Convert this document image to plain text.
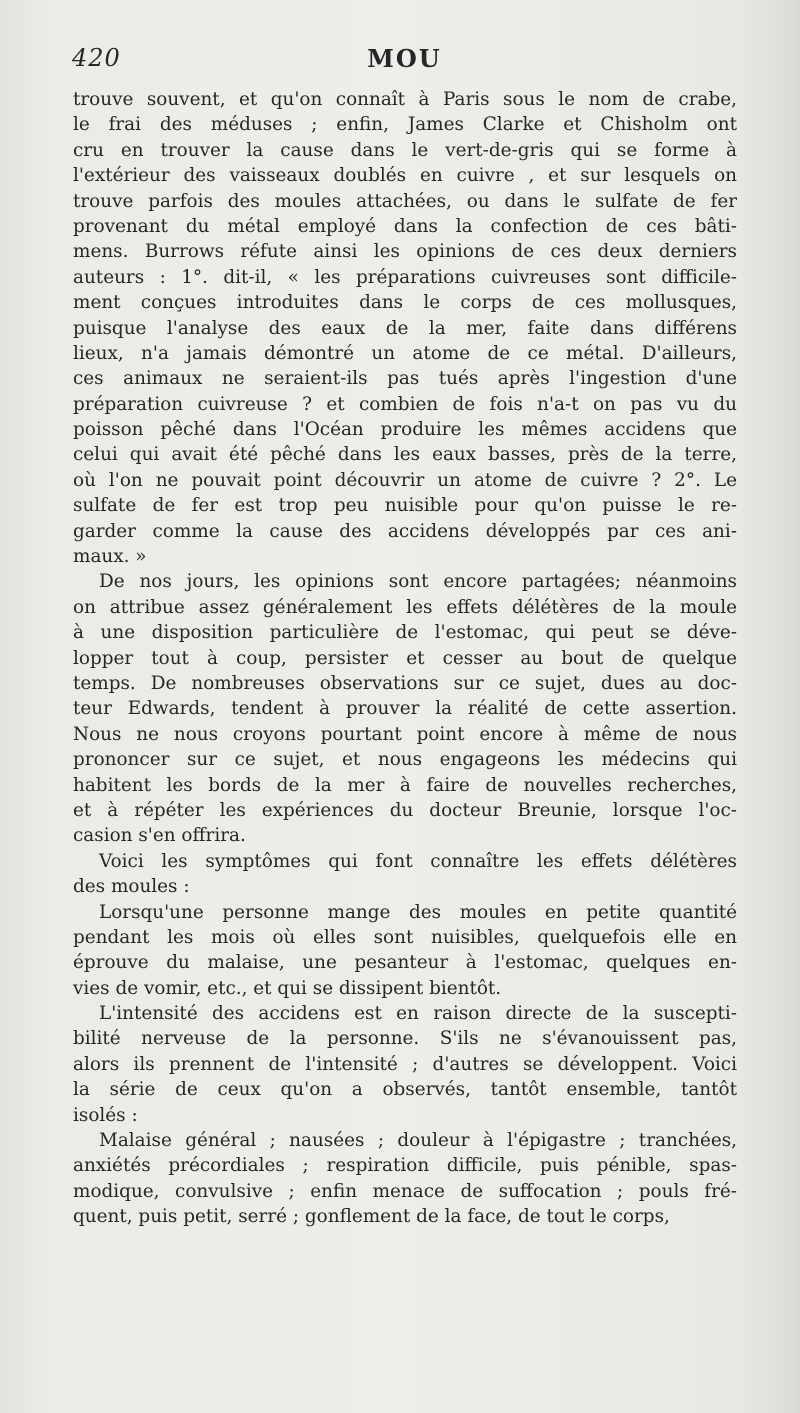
420	MOU
trouve souvent, et qu'on connaît à Paris sous le nom de crabe,
le frai des méduses ; enfin, James Clarke et Chisholm ont
cru en trouver la cause dans le vert-de-gris qui se forme à
l'extérieur des vaisseaux doublés en cuivre , et sur lesquels on
trouve parfois des moules attachées, ou dans le sulfate de fer
provenant du métal employé dans la confection de ces bâti-
mens. Burrows réfute ainsi les opinions de ces deux derniers
auteurs : 1°. dit-il, « les préparations cuivreuses sont difficile-
ment conçues introduites dans le corps de ces mollusques,
puisque l'analyse des eaux de la mer, faite dans différens
lieux, n'a jamais démontré un atome de ce métal. D'ailleurs,
ces animaux ne seraient-ils pas tués après l'ingestion d'une
préparation cuivreuse ? et combien de fois n'a-t on pas vu du
poisson pêché dans l'Océan produire les mêmes accidens que
celui qui avait été pêché dans les eaux basses, près de la terre,
où l'on ne pouvait point découvrir un atome de cuivre ? 2°. Le
sulfate de fer est trop peu nuisible pour qu'on puisse le re-
garder comme la cause des accidens développés par ces ani-
maux. »
De nos jours, les opinions sont encore partagées; néanmoins
on attribue assez généralement les effets délétères de la moule
à une disposition particulière de l'estomac, qui peut se déve-
lopper tout à coup, persister et cesser au bout de quelque
temps. De nombreuses observations sur ce sujet, dues au doc-
teur Edwards, tendent à prouver la réalité de cette assertion.
Nous ne nous croyons pourtant point encore à même de nous
prononcer sur ce sujet, et nous engageons les médecins qui
habitent les bords de la mer à faire de nouvelles recherches,
et à répéter les expériences du docteur Breunie, lorsque l'oc-
casion s'en offrira.
Voici les symptômes qui font connaître les effets délétères
des moules :
Lorsqu'une personne mange des moules en petite quantité
pendant les mois où elles sont nuisibles, quelquefois elle en
éprouve du malaise, une pesanteur à l'estomac, quelques en-
vies de vomir, etc., et qui se dissipent bientôt.
L'intensité des accidens est en raison directe de la suscepti-
bilité nerveuse de la personne. S'ils ne s'évanouissent pas,
alors ils prennent de l'intensité ; d'autres se développent. Voici
la série de ceux qu'on a observés, tantôt ensemble, tantôt
isolés :
Malaise général ; nausées ; douleur à l'épigastre ; tranchées,
anxiétés précordiales ; respiration difficile, puis pénible, spas-
modique, convulsive ; enfin menace de suffocation ; pouls fré-
quent, puis petit, serré ; gonflement de la face, de tout le corps,
